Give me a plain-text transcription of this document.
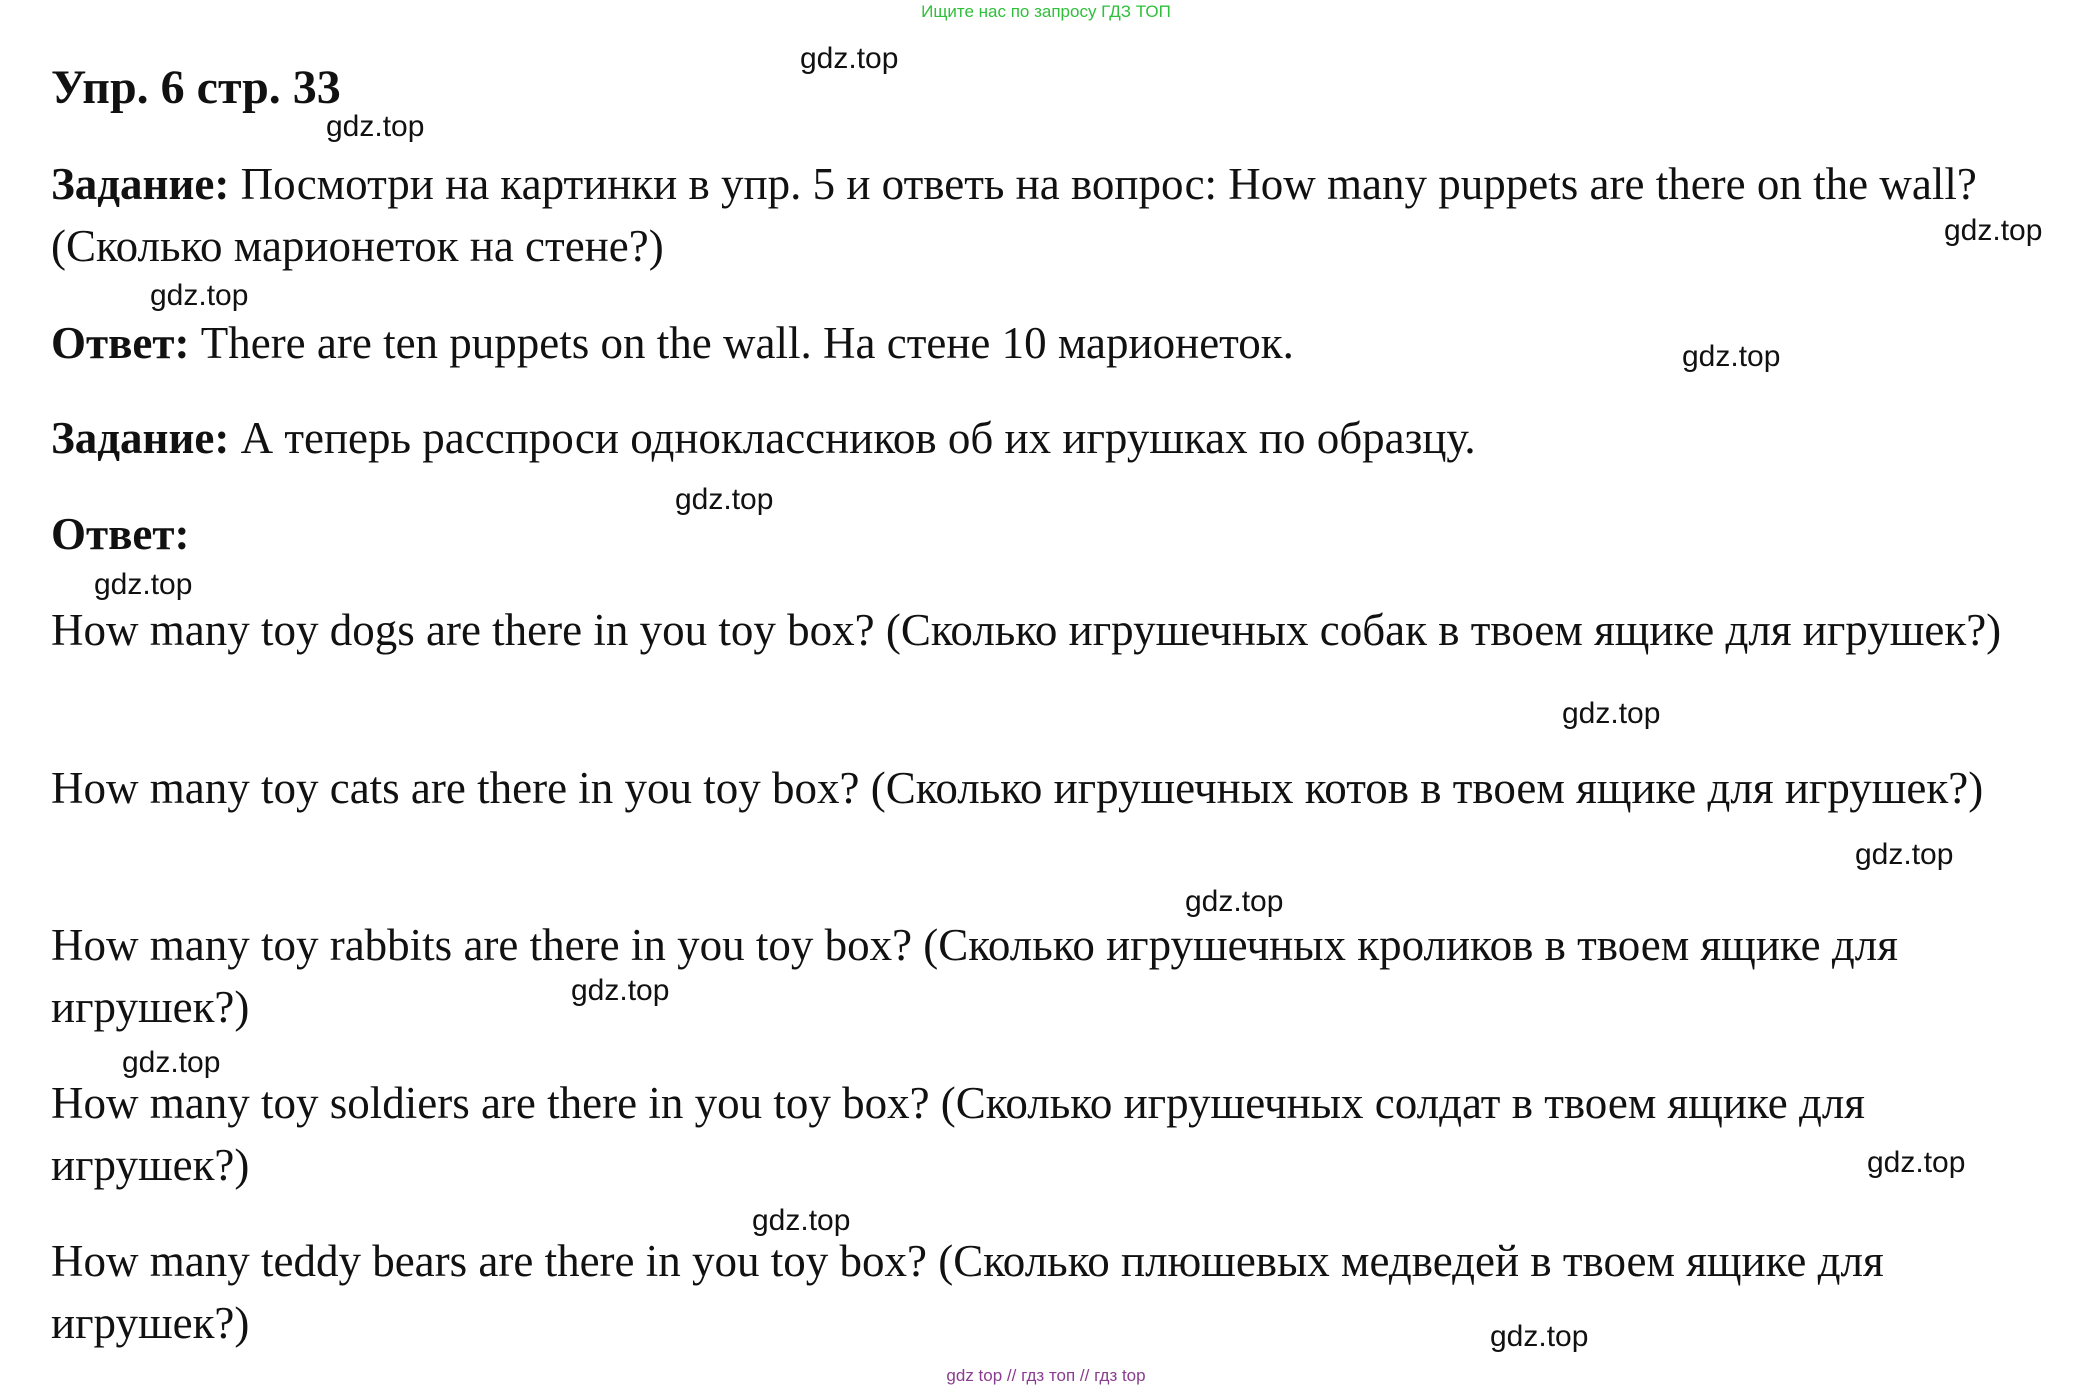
Ищите нас по запросу ГДЗ ТОП
Упр. 6 стр. 33

Задание: Посмотри на картинки в упр. 5 и ответь на вопрос: How many puppets are there on the wall? (Сколько марионеток на стене?)

Ответ: There are ten puppets on the wall. На стене 10 марионеток.

Задание: А теперь расспроси одноклассников об их игрушках по образцу.

Ответ:

How many toy dogs are there in you toy box? (Сколько игрушечных собак в твоем ящике для игрушек?)

How many toy cats are there in you toy box? (Сколько игрушечных котов в твоем ящике для игрушек?)

How many toy rabbits are there in you toy box? (Сколько игрушечных кроликов в твоем ящике для игрушек?)

How many toy soldiers are there in you toy box? (Сколько игрушечных солдат в твоем ящике для игрушек?)

How many teddy bears are there in you toy box? (Сколько плюшевых медведей в твоем ящике для игрушек?)

gdz.top
gdz.top
gdz.top
gdz.top
gdz.top
gdz.top
gdz.top
gdz.top
gdz.top
gdz.top
gdz.top
gdz.top
gdz.top
gdz.top
gdz.top
gdz top // гдз топ // гдз top
